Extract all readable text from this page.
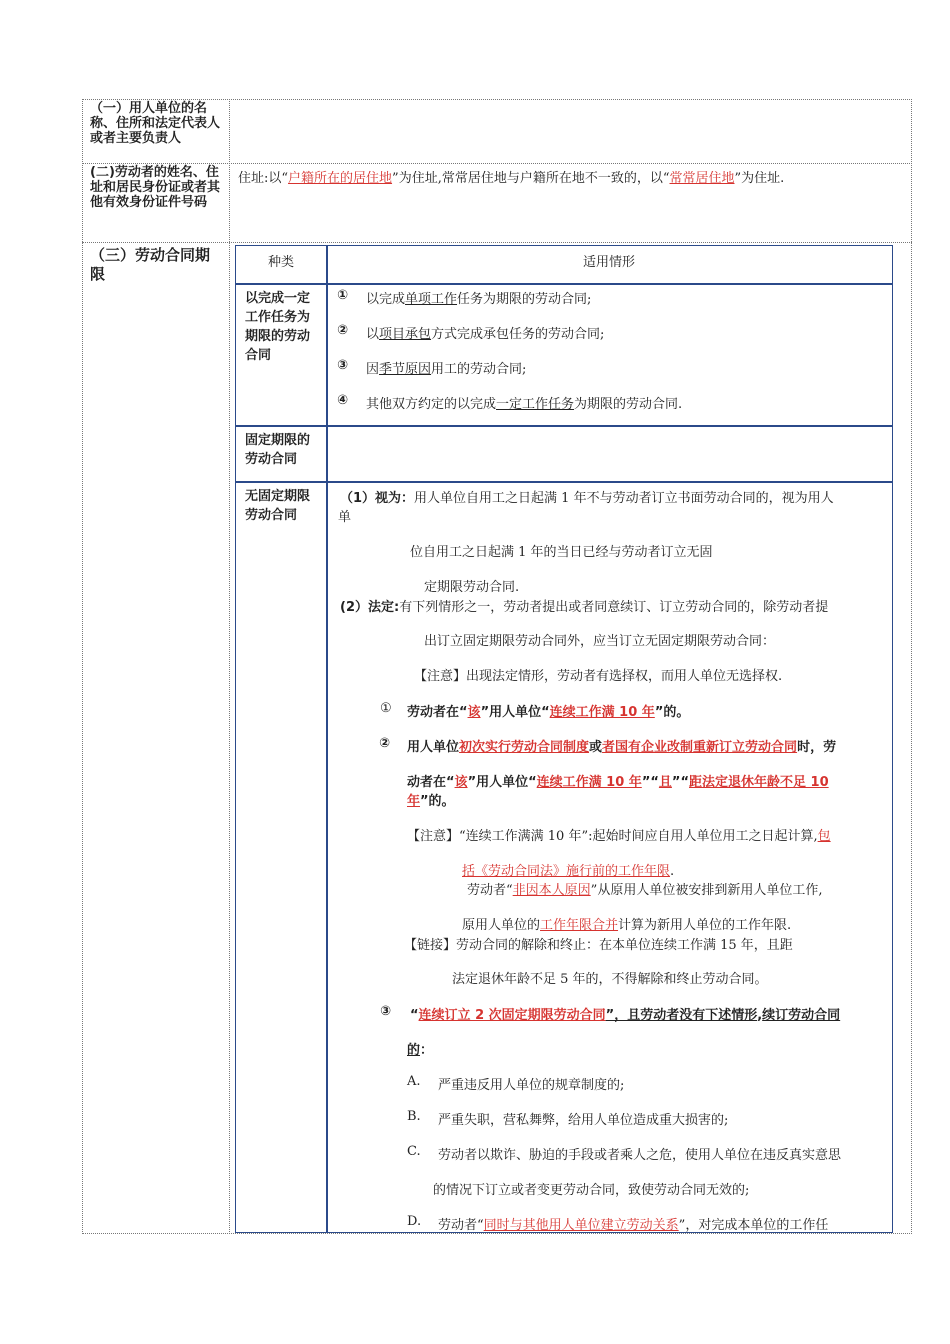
（一）用人单位的名称、住所和法定代表人或者主要负责人
(二)劳动者的姓名、住址和居民身份证或者其他有效身份证件号码
（三）劳动合同期限
住址:以“户籍所在的居住地”为住址,常常居住地与户籍所在地不一致的，以“常常居住地”为住址.
种类	适用情形
以完成一定工作任务为期限的劳动合同
固定期限的劳动合同
无固定期限劳动合同
① 以完成单项工作任务为期限的劳动合同;
② 以项目承包方式完成承包任务的劳动合同;
③ 因季节原因用工的劳动合同;
④ 其他双方约定的以完成一定工作任务为期限的劳动合同.
（1）视为：用人单位自用工之日起满 1 年不与劳动者订立书面劳动合同的，视为用人
单
位自用工之日起满 1 年的当日已经与劳动者订立无固
定期限劳动合同.
(2）法定:有下列情形之一，劳动者提出或者同意续订、订立劳动合同的，除劳动者提
出订立固定期限劳动合同外，应当订立无固定期限劳动合同：
【注意】出现法定情形，劳动者有选择权，而用人单位无选择权.
① 劳动者在“该”用人单位“连续工作满 10 年”的。
② 用人单位初次实行劳动合同制度或者国有企业改制重新订立劳动合同时，劳
动者在“该”用人单位“连续工作满 10 年”“且”“距法定退休年龄不足 10
年”的。
【注意】“连续工作满满 10 年”:起始时间应自用人单位用工之日起计算,包
括《劳动合同法》施行前的工作年限.
劳动者“非因本人原因”从原用人单位被安排到新用人单位工作,
原用人单位的工作年限合并计算为新用人单位的工作年限.
【链接】劳动合同的解除和终止：在本单位连续工作满 15 年，且距
法定退休年龄不足 5 年的，不得解除和终止劳动合同。
③ “连续订立 2 次固定期限劳动合同”，且劳动者没有下述情形,续订劳动合同
的：
A. 严重违反用人单位的规章制度的;
B. 严重失职，营私舞弊，给用人单位造成重大损害的;
C. 劳动者以欺诈、胁迫的手段或者乘人之危，使用人单位在违反真实意思
的情况下订立或者变更劳动合同，致使劳动合同无效的;
D. 劳动者“同时与其他用人单位建立劳动关系”，对完成本单位的工作任
